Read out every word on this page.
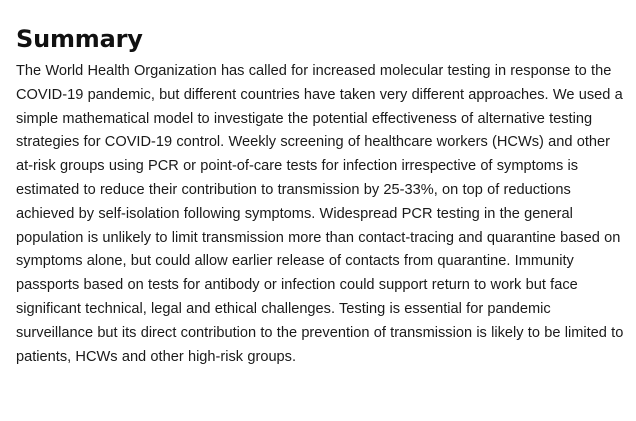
Summary

The World Health Organization has called for increased molecular testing in response to the COVID-19 pandemic, but different countries have taken very different approaches. We used a simple mathematical model to investigate the potential effectiveness of alternative testing strategies for COVID-19 control. Weekly screening of healthcare workers (HCWs) and other at-risk groups using PCR or point-of-care tests for infection irrespective of symptoms is estimated to reduce their contribution to transmission by 25-33%, on top of reductions achieved by self-isolation following symptoms. Widespread PCR testing in the general population is unlikely to limit transmission more than contact-tracing and quarantine based on symptoms alone, but could allow earlier release of contacts from quarantine. Immunity passports based on tests for antibody or infection could support return to work but face significant technical, legal and ethical challenges. Testing is essential for pandemic surveillance but its direct contribution to the prevention of transmission is likely to be limited to patients, HCWs and other high-risk groups.
